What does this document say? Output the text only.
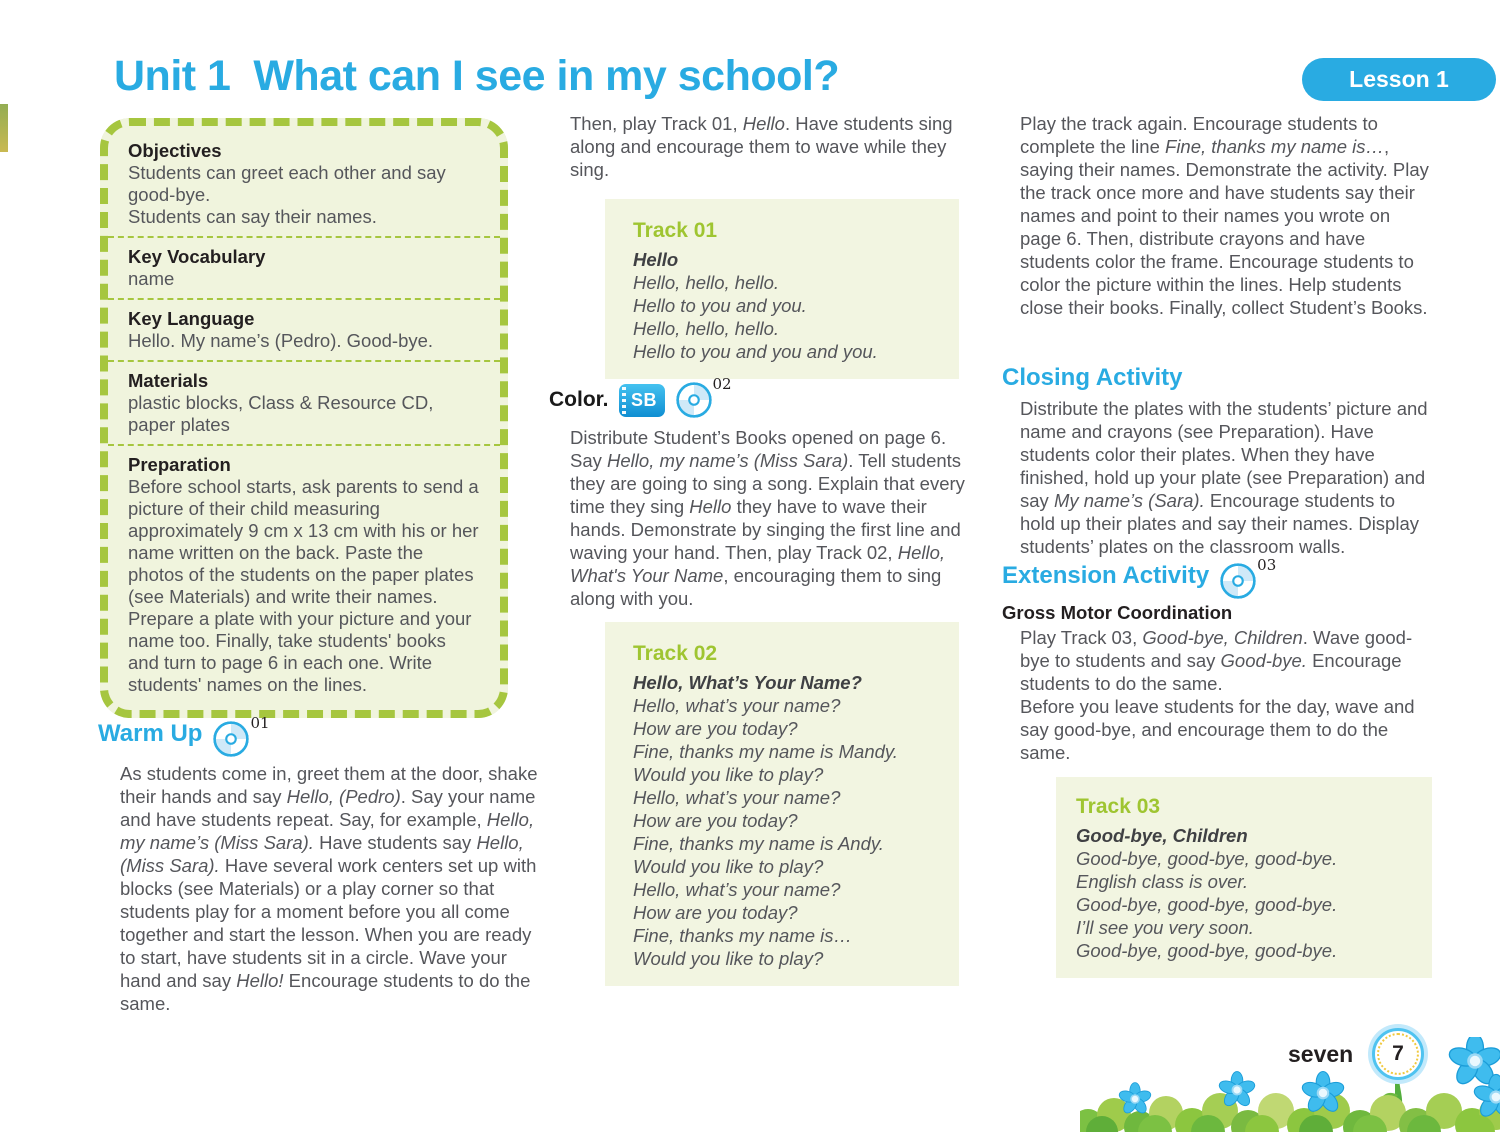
Unit 1  What can I see in my school?	Lesson 1
Objectives
Students can greet each other and say good-bye.
Students can say their names.
Key Vocabulary
name
Key Language
Hello. My name’s (Pedro). Good-bye.
Materials
plastic blocks, Class & Resource CD, paper plates
Preparation
Before school starts, ask parents to send a picture of their child measuring approximately 9 cm x 13 cm with his or her name written on the back. Paste the photos of the students on the paper plates (see Materials) and write their names. Prepare a plate with your picture and your name too. Finally, take students' books and turn to page 6 in each one. Write students' names on the lines.
Warm Up	01
As students come in, greet them at the door, shake their hands and say Hello, (Pedro). Say your name and have students repeat. Say, for example, Hello, my name’s (Miss Sara). Have students say Hello, (Miss Sara). Have several work centers set up with blocks (see Materials) or a play corner so that students play for a moment before you all come together and start the lesson. When you are ready to start, have students sit in a circle. Wave your hand and say Hello! Encourage students to do the same.
Then, play Track 01, Hello. Have students sing along and encourage them to wave while they sing.
Track 01
Hello
Hello, hello, hello.
Hello to you and you.
Hello, hello, hello.
Hello to you and you and you.
Color. SB
02
Distribute Student’s Books opened on page 6. Say Hello, my name’s (Miss Sara). Tell students they are going to sing a song. Explain that every time they sing Hello they have to wave their hands. Demonstrate by singing the first line and waving your hand. Then, play Track 02, Hello, What's Your Name, encouraging them to sing along with you.
Track 02
Hello, What’s Your Name?
Hello, what’s your name?
How are you today?
Fine, thanks my name is Mandy.
Would you like to play?
Hello, what’s your name?
How are you today?
Fine, thanks my name is Andy.
Would you like to play?
Hello, what’s your name?
How are you today?
Fine, thanks my name is…
Would you like to play?
Play the track again. Encourage students to complete the line Fine, thanks my name is…, saying their names. Demonstrate the activity. Play the track once more and have students say their names and point to their names you wrote on page 6. Then, distribute crayons and have students color the frame. Encourage students to color the picture within the lines. Help students close their books. Finally, collect Student’s Books.
Closing Activity
Distribute the plates with the students’ picture and name and crayons (see Preparation). Have students color their plates. When they have finished, hold up your plate (see Preparation) and say My name’s (Sara). Encourage students to hold up their plates and say their names. Display students’ plates on the classroom walls.
Extension Activity	03
Gross Motor Coordination
Play Track 03, Good-bye, Children. Wave good-bye to students and say Good-bye. Encourage students to do the same.
Before you leave students for the day, wave and say good-bye, and encourage them to do the same.
Track 03
Good-bye, Children
Good-bye, good-bye, good-bye.
English class is over.
Good-bye, good-bye, good-bye.
I’ll see you very soon.
Good-bye, good-bye, good-bye.
seven 7
